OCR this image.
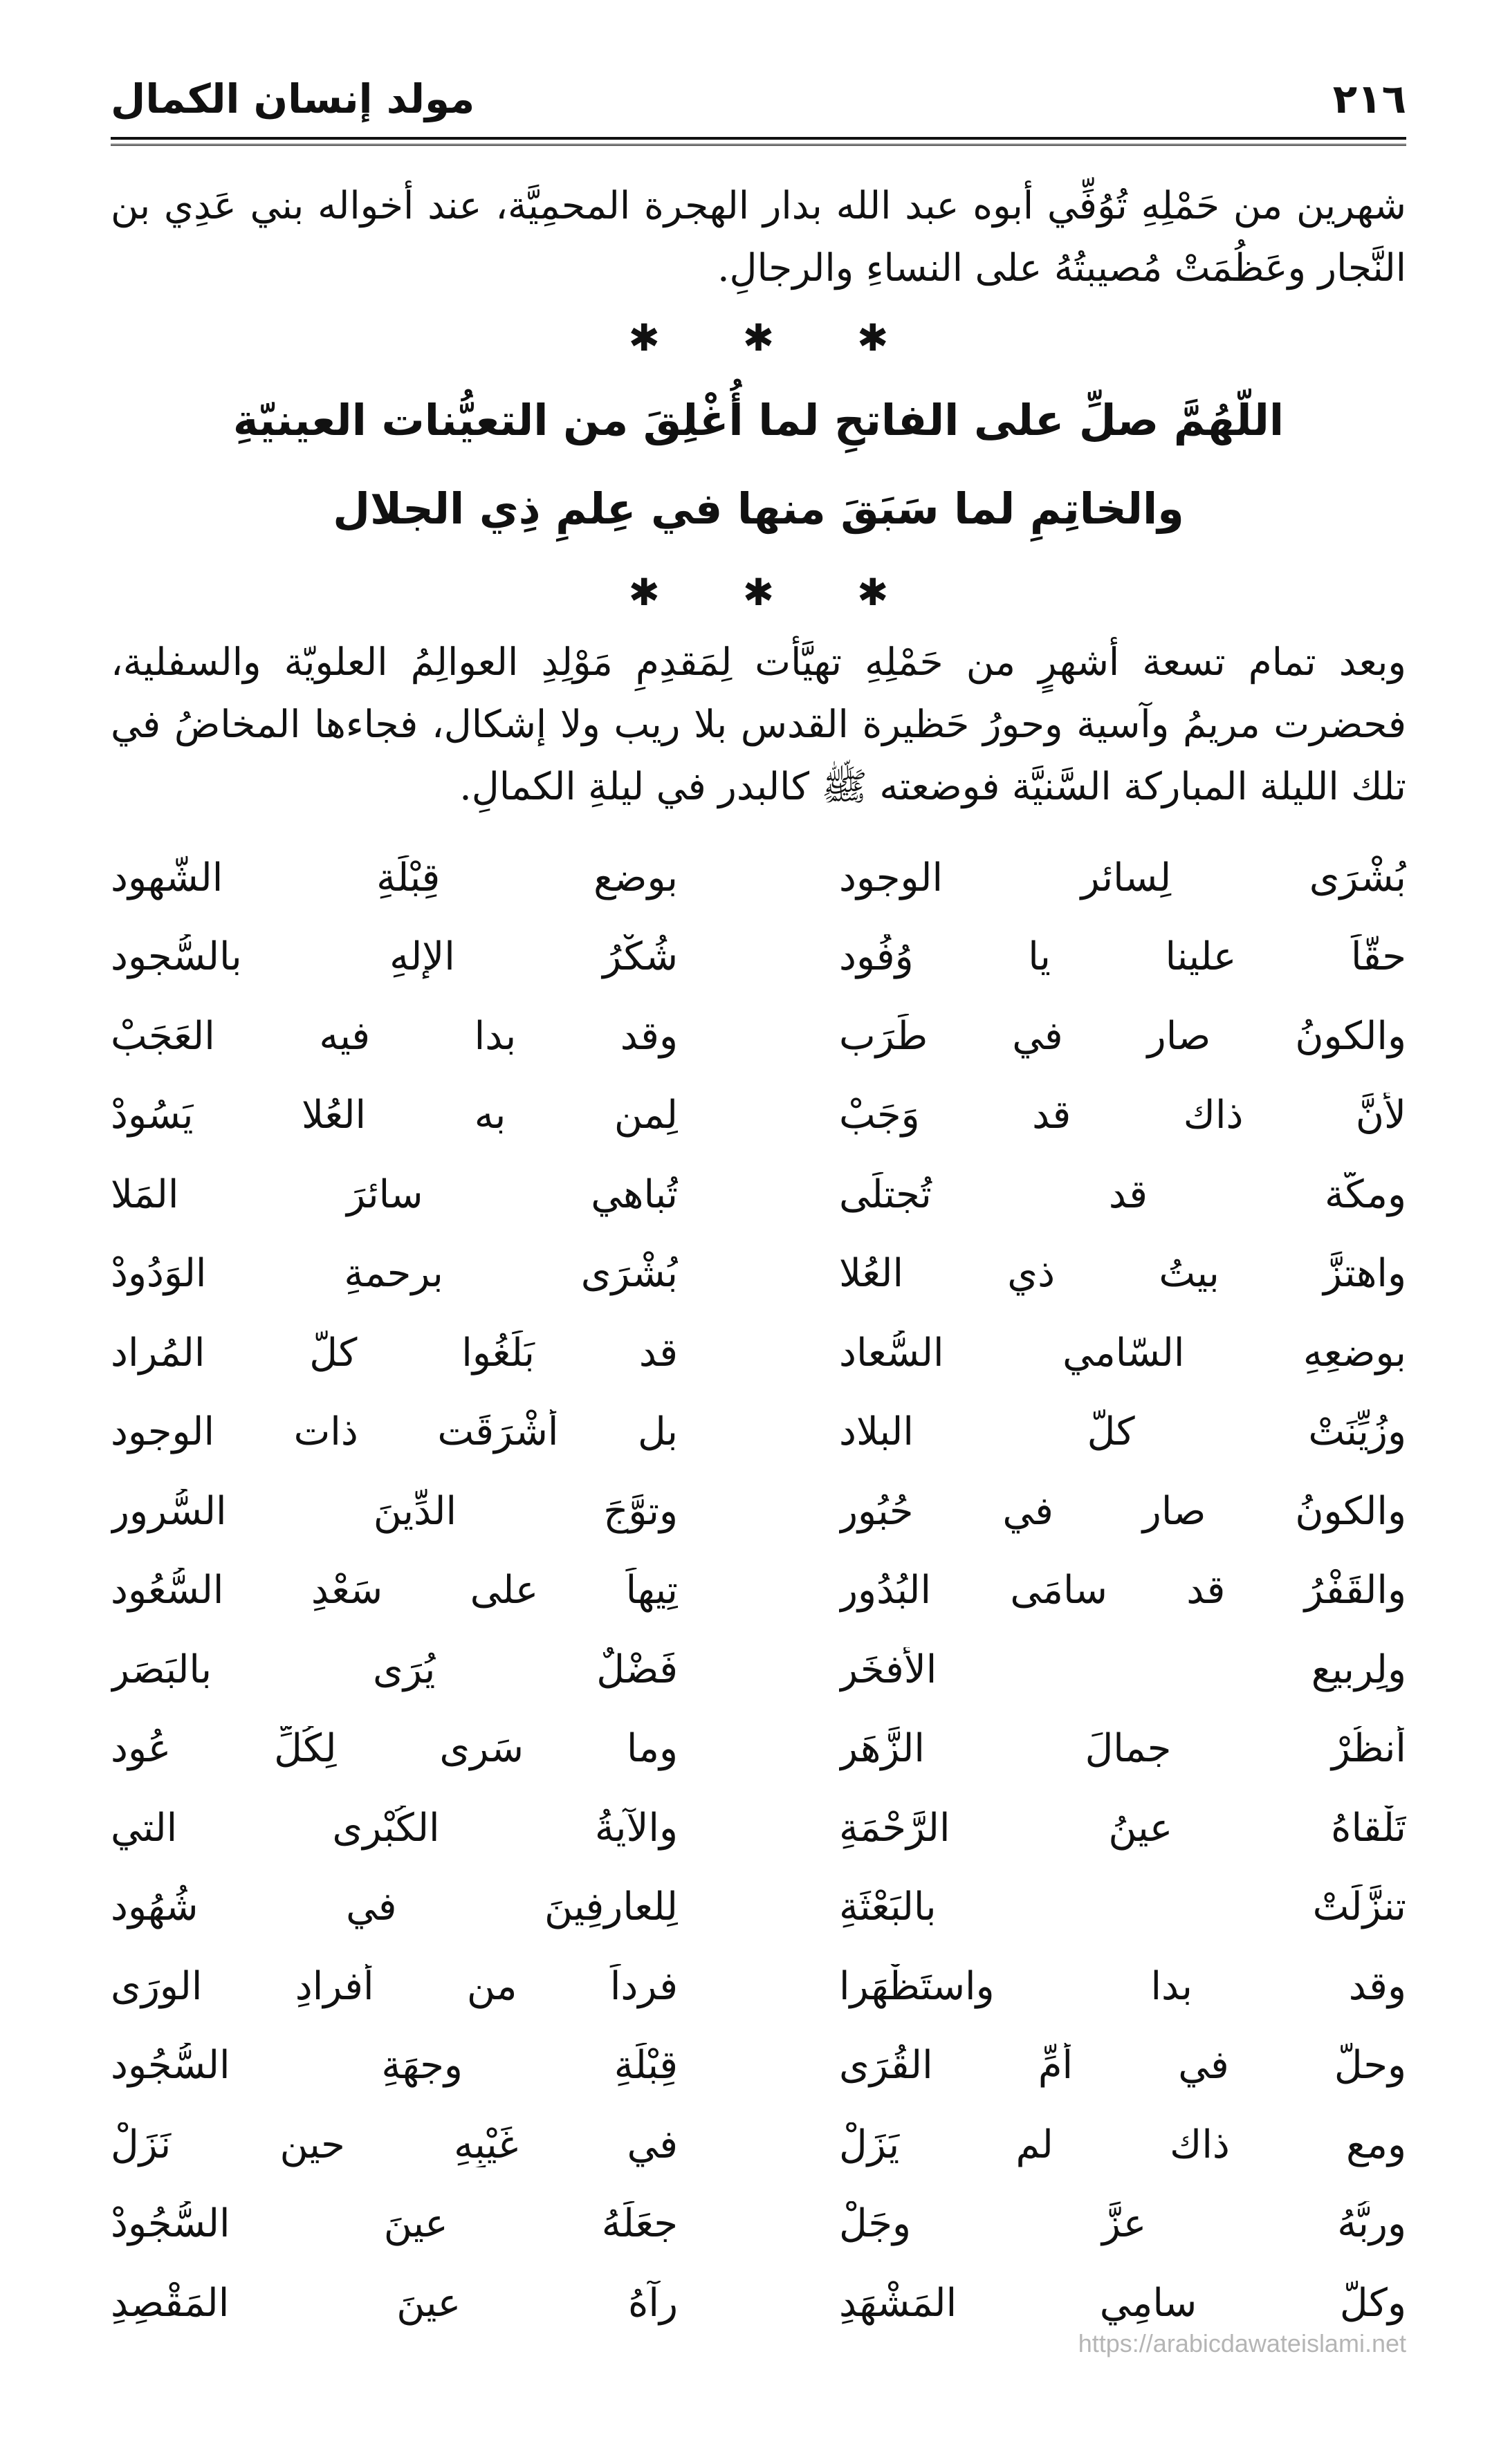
٢١٦
مولد إنسان الكمال

شهرين من حَمْلِهِ تُوُفِّي أبوه عبد الله بدار الهجرة المحمِيَّة، عند أخواله بني عَدِي بن النَّجار وعَظُمَتْ مُصيبتُهُ على النساءِ والرجالِ.

✱
✱
✱

اللّهُمَّ صلِّ على الفاتحِ لما أُغْلِقَ من التعيُّنات العينيّةِ

والخاتِمِ لما سَبَقَ منها في عِلمِ ذِي الجلال

✱
✱
✱

وبعد تمام تسعة أشهرٍ من حَمْلِهِ تهيَّأت لِمَقدِمِ مَوْلِدِ العوالِمُ العلويّة والسفلية، فحضرت مريمُ وآسية وحورُ حَظيرة القدس بلا ريب ولا إشكال، فجاءها المخاضُ في تلك الليلة المباركة السَّنيَّة فوضعته ﷺ كالبدر في ليلةِ الكمالِ.

بُشْرَى لِسائرِ الوجود
بوضعِ قِبْلَةِ الشُّهود
حقّاً علينا يا وُفُود
شُكْرُ الإلهِ بالسُّجود
والكونُ صار في طَرَب
وقد بدا فيه العَجَبْ
لأنَّ ذاك قد وَجَبْ
لِمن به العُلا يَسُودْ
ومكّة قد تُجتلَى
تُباهي سائرَ المَلا
واهتزَّ بيتُ ذي العُلا
بُشْرَى برحمةِ الوَدُودْ
بوضعِهِ السّامي السُّعاد
قد بَلَغُوا كلَّ المُراد
وزُيِّنَتْ كلُّ البلاد
بل أشْرَقَت ذات الوجود
والكونُ صار في حُبُور
وتوَّجَ الدِّينَ السُّرور
والقَفْرُ قد سامَى البُدُور
تِيهاً على سَعْدِ السُّعُود
ولِربيعِ الأفخَرِ
فَضْلٌ يُرَى بالبَصَرِ
أنظُرْ جمالَ الزَّهَرِ
وما سَرى لِكُلِّ عُود
تَلْقاهُ عينُ الرَّحْمَةِ
والآيةُ الكُبْرى التي
تنزَّلَتْ بالبَعْثَةِ
لِلعارفِينَ في شُهُود
وقد بدا واستَظْهَرا
فرداً من أفرادِ الورَى
وحلَّ في أُمِّ القُرَى
قِبْلَةِ وجهَةِ السُّجُود
ومع ذاك لم يَزَلْ
في غَيْبِهِ حين نَزَلْ
وربُّهُ عزَّ وجَلْ
جعَلَهُ عينَ السُّجُودْ
وكلُّ سامِي المَشْهَدِ
رآهُ عينَ المَقْصِدِ
https://arabicdawateislami.net
